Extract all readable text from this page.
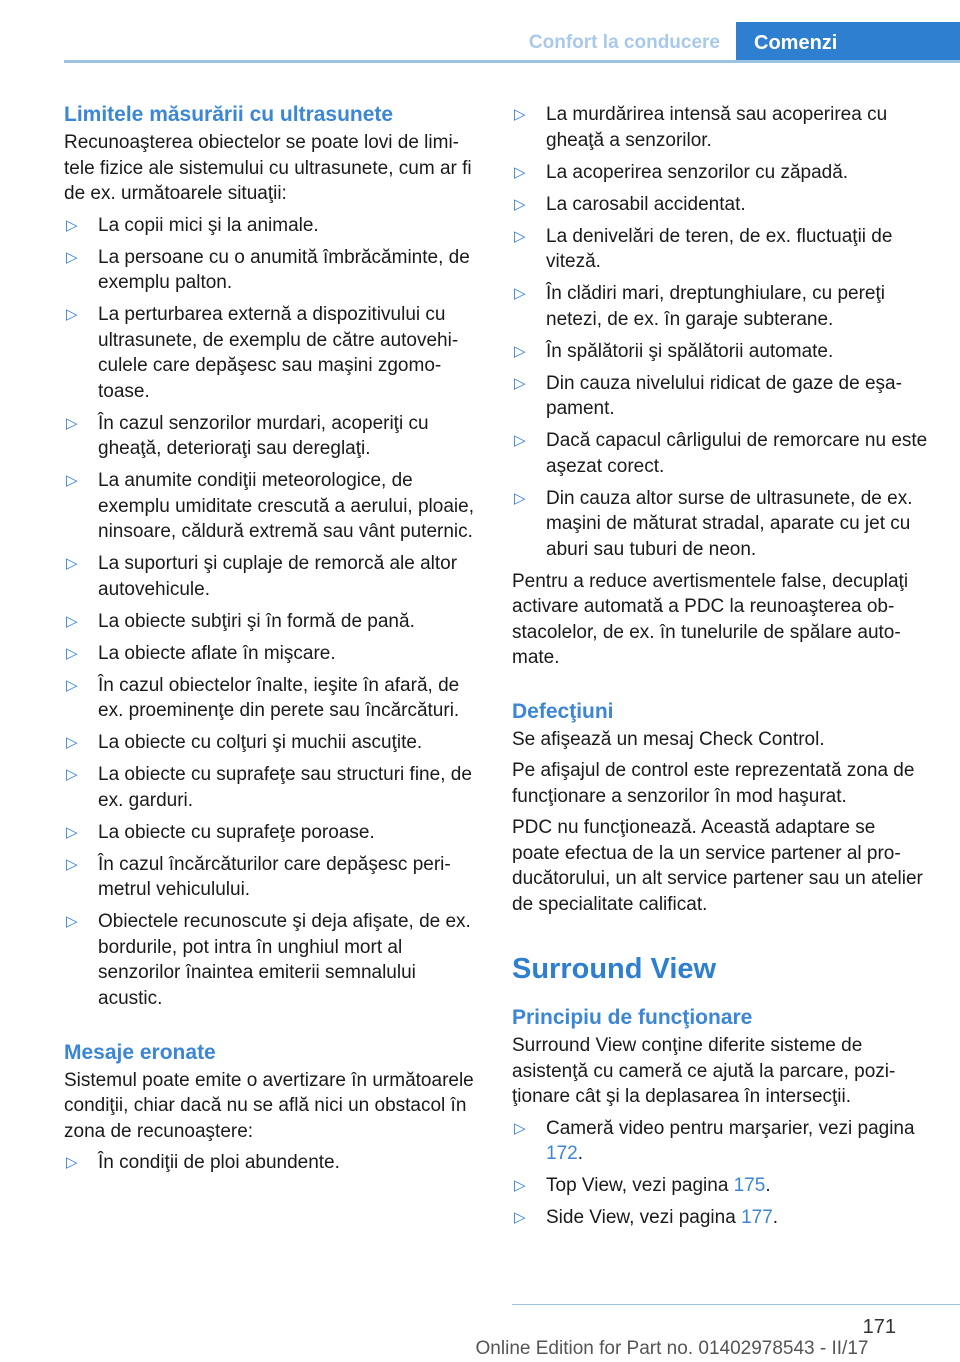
Confort la conducere	Comenzi
Limitele măsurării cu ultrasunete

Recunoaşterea obiectelor se poate lovi de limitele fizice ale sistemului cu ultrasunete, cum ar fi de ex. următoarele situaţii:

▷ La copii mici şi la animale.
▷ La persoane cu o anumită îmbrăcăminte, de exemplu palton.
▷ La perturbarea externă a dispozitivului cu ultrasunete, de exemplu de către autovehiculele care depăşesc sau maşini zgomotoase.
▷ În cazul senzorilor murdari, acoperiţi cu gheaţă, deterioraţi sau dereglaţi.
▷ La anumite condiţii meteorologice, de exemplu umiditate crescută a aerului, ploaie, ninsoare, căldură extremă sau vânt puternic.
▷ La suporturi şi cuplaje de remorcă ale altor autovehicule.
▷ La obiecte subţiri şi în formă de pană.
▷ La obiecte aflate în mişcare.
▷ În cazul obiectelor înalte, ieşite în afară, de ex. proeminenţe din perete sau încărcături.
▷ La obiecte cu colţuri şi muchii ascuţite.
▷ La obiecte cu suprafeţe sau structuri fine, de ex. garduri.
▷ La obiecte cu suprafeţe poroase.
▷ În cazul încărcăturilor care depăşesc perimetrul vehiculului.
▷ Obiectele recunoscute şi deja afişate, de ex. bordurile, pot intra în unghiul mort al senzorilor înaintea emiterii semnalului acustic.
Mesaje eronate

Sistemul poate emite o avertizare în următoarele condiţii, chiar dacă nu se află nici un obstacol în zona de recunoaştere:

▷ În condiţii de ploi abundente.
▷ La murdărirea intensă sau acoperirea cu gheaţă a senzorilor.
▷ La acoperirea senzorilor cu zăpadă.
▷ La carosabil accidentat.
▷ La denivelări de teren, de ex. fluctuaţii de viteză.
▷ În clădiri mari, dreptunghiulare, cu pereţi netezi, de ex. în garaje subterane.
▷ În spălătorii şi spălătorii automate.
▷ Din cauza nivelului ridicat de gaze de eşapament.
▷ Dacă capacul cârligului de remorcare nu este aşezat corect.
▷ Din cauza altor surse de ultrasunete, de ex. maşini de măturat stradal, aparate cu jet cu aburi sau tuburi de neon.

Pentru a reduce avertismentele false, decuplaţi activare automată a PDC la reunoaşterea obstacolelor, de ex. în tunelurile de spălare automate.

Defecţiuni

Se afişează un mesaj Check Control.

Pe afişajul de control este reprezentată zona de funcţionare a senzorilor în mod haşurat.

PDC nu funcţionează. Această adaptare se poate efectua de la un service partener al producătorului, un alt service partener sau un atelier de specialitate calificat.

Surround View
Principiu de funcţionare

Surround View conţine diferite sisteme de asistenţă cu cameră ce ajută la parcare, poziţionare cât şi la deplasarea în intersecţii.

▷ Cameră video pentru marşarier, vezi pagina 172.
▷ Top View, vezi pagina 175.
▷ Side View, vezi pagina 177.
171
Online Edition for Part no. 01402978543 - II/17
